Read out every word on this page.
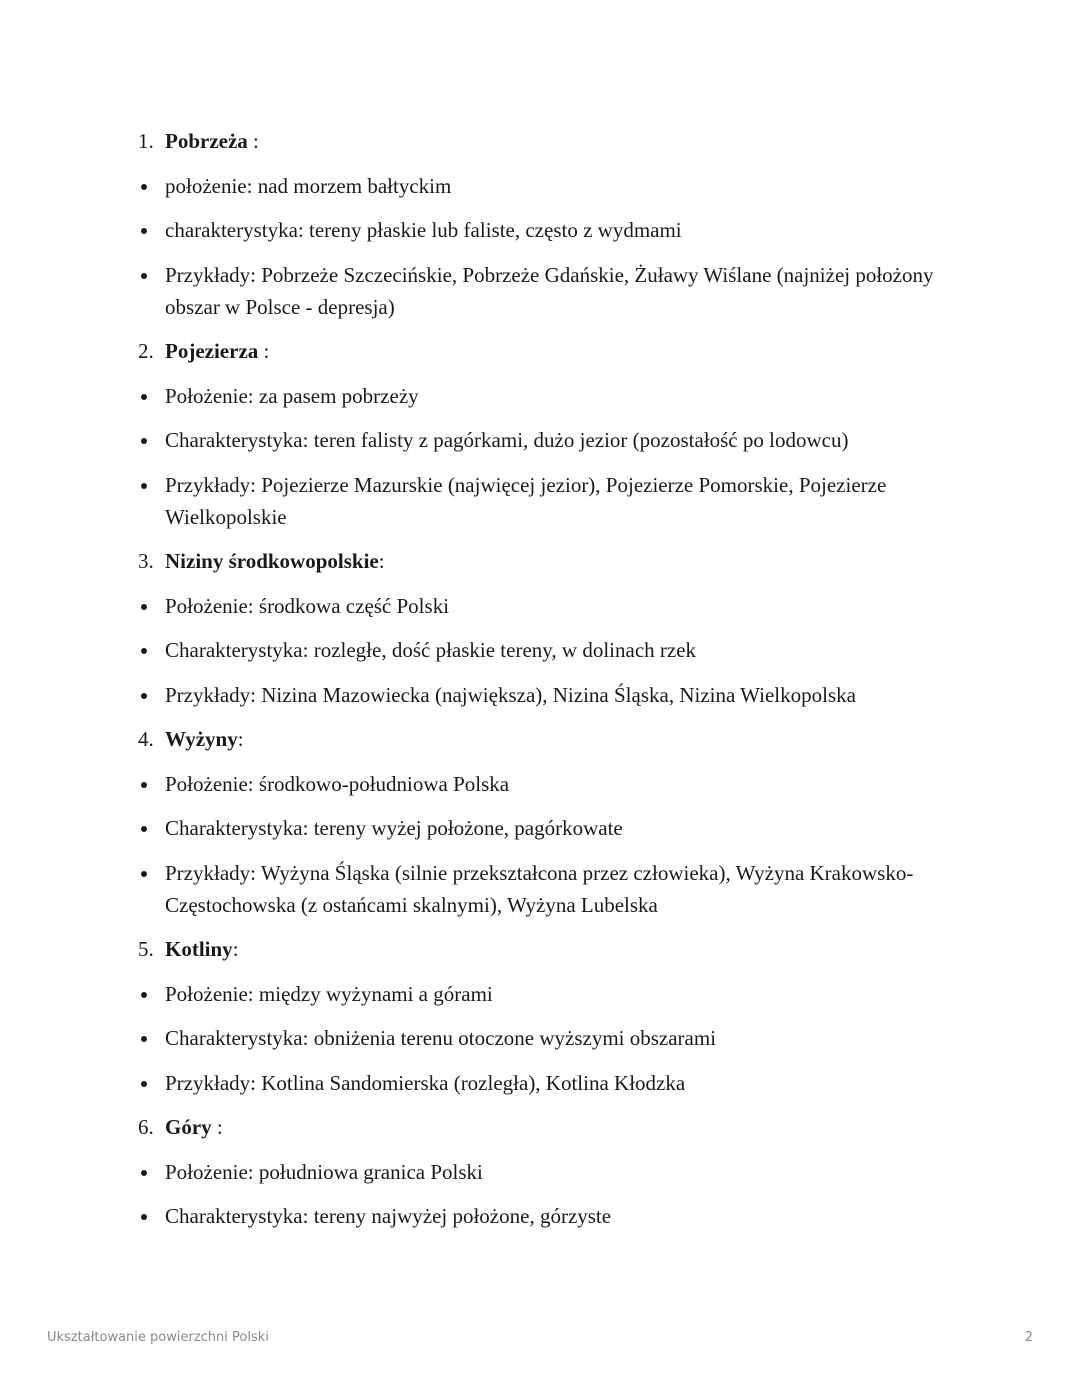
1. Pobrzeża :
położenie: nad morzem bałtyckim
charakterystyka: tereny płaskie lub faliste, często z wydmami
Przykłady: Pobrzeże Szczecińskie, Pobrzeże Gdańskie, Żuławy Wiślane (najniżej położony obszar w Polsce - depresja)
2. Pojezierza :
Położenie: za pasem pobrzeży
Charakterystyka: teren falisty z pagórkami, dużo jezior (pozostałość po lodowcu)
Przykłady: Pojezierze Mazurskie (najwięcej jezior), Pojezierze Pomorskie, Pojezierze Wielkopolskie
3. Niziny środkowopolskie:
Położenie: środkowa część Polski
Charakterystyka: rozległe, dość płaskie tereny, w dolinach rzek
Przykłady: Nizina Mazowiecka (największa), Nizina Śląska, Nizina Wielkopolska
4. Wyżyny:
Położenie: środkowo-południowa Polska
Charakterystyka: tereny wyżej położone, pagórkowate
Przykłady: Wyżyna Śląska (silnie przekształcona przez człowieka), Wyżyna Krakowsko-Częstochowska (z ostańcami skalnymi), Wyżyna Lubelska
5. Kotliny:
Położenie: między wyżynami a górami
Charakterystyka: obniżenia terenu otoczone wyższymi obszarami
Przykłady: Kotlina Sandomierska (rozległa), Kotlina Kłodzka
6. Góry :
Położenie: południowa granica Polski
Charakterystyka: tereny najwyżej położone, górzyste
Ukształtowanie powierzchni Polski	2
